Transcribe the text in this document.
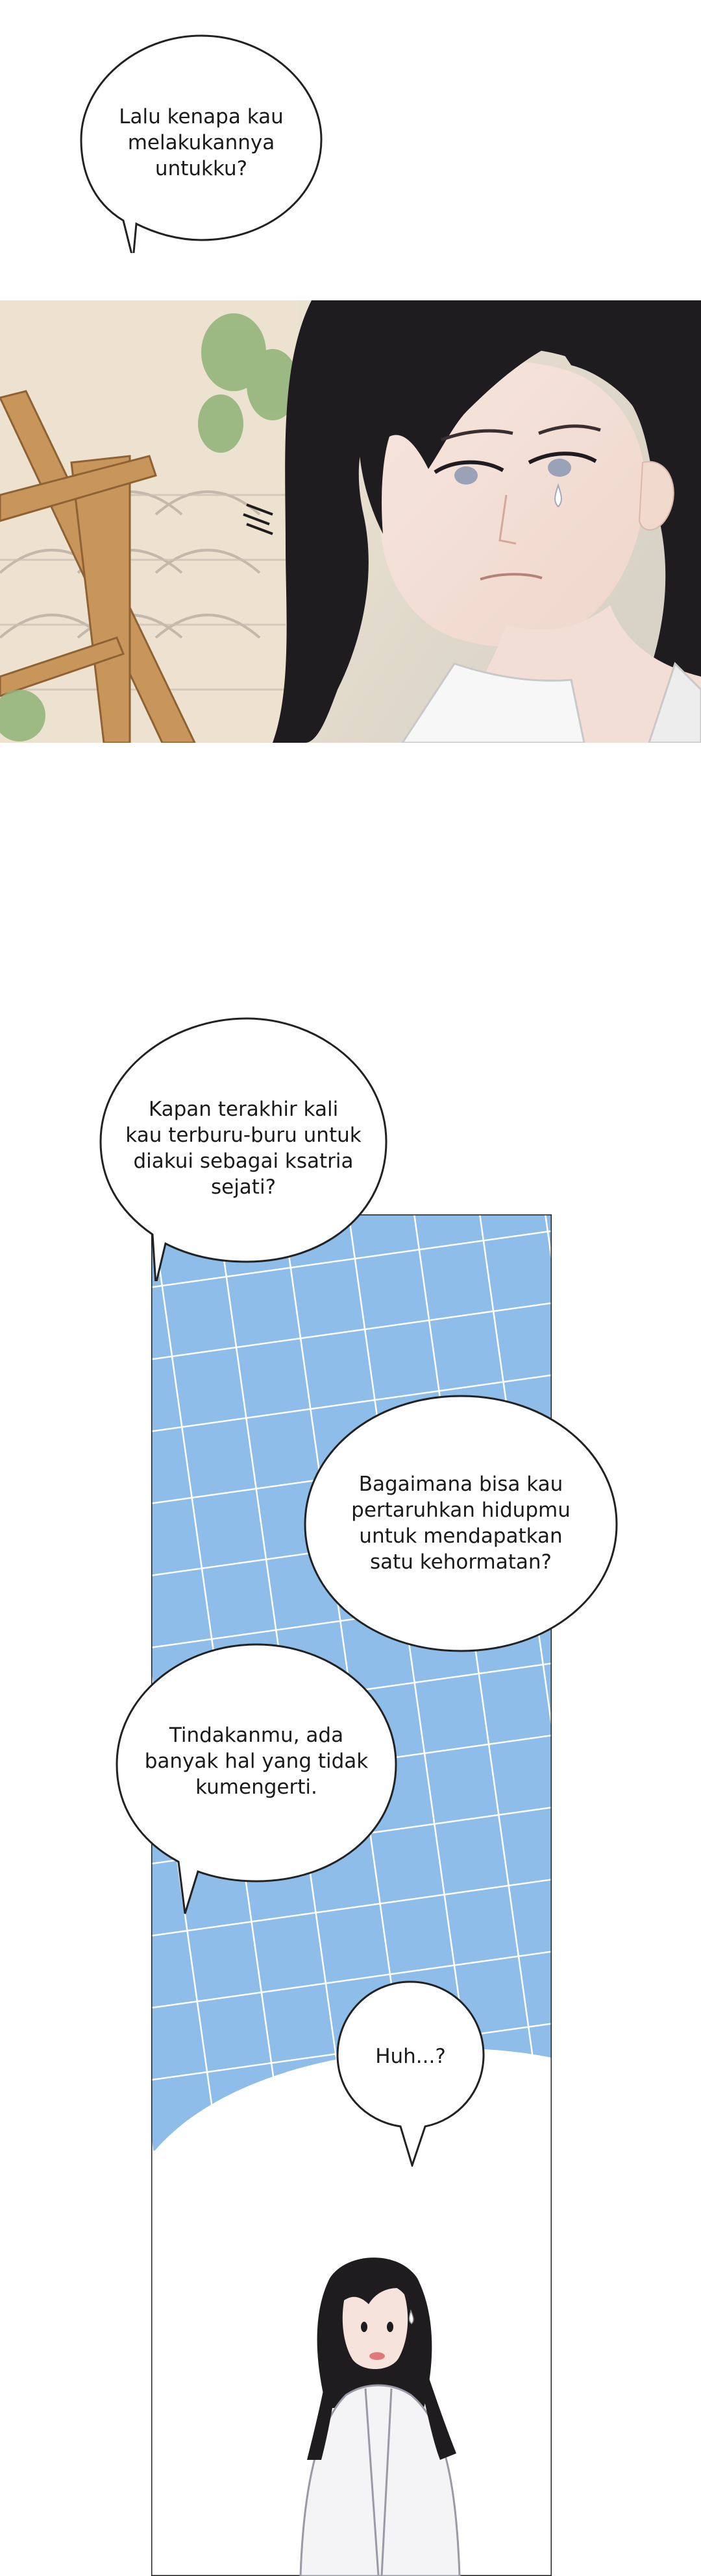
Lalu kenapa kau
melakukannya
untukku?
Kapan terakhir kali
kau terburu-buru untuk
diakui sebagai ksatria
sejati?
Bagaimana bisa kau
pertaruhkan hidupmu
untuk mendapatkan
satu kehormatan?
Tindakanmu, ada
banyak hal yang tidak
kumengerti.
Huh...?
